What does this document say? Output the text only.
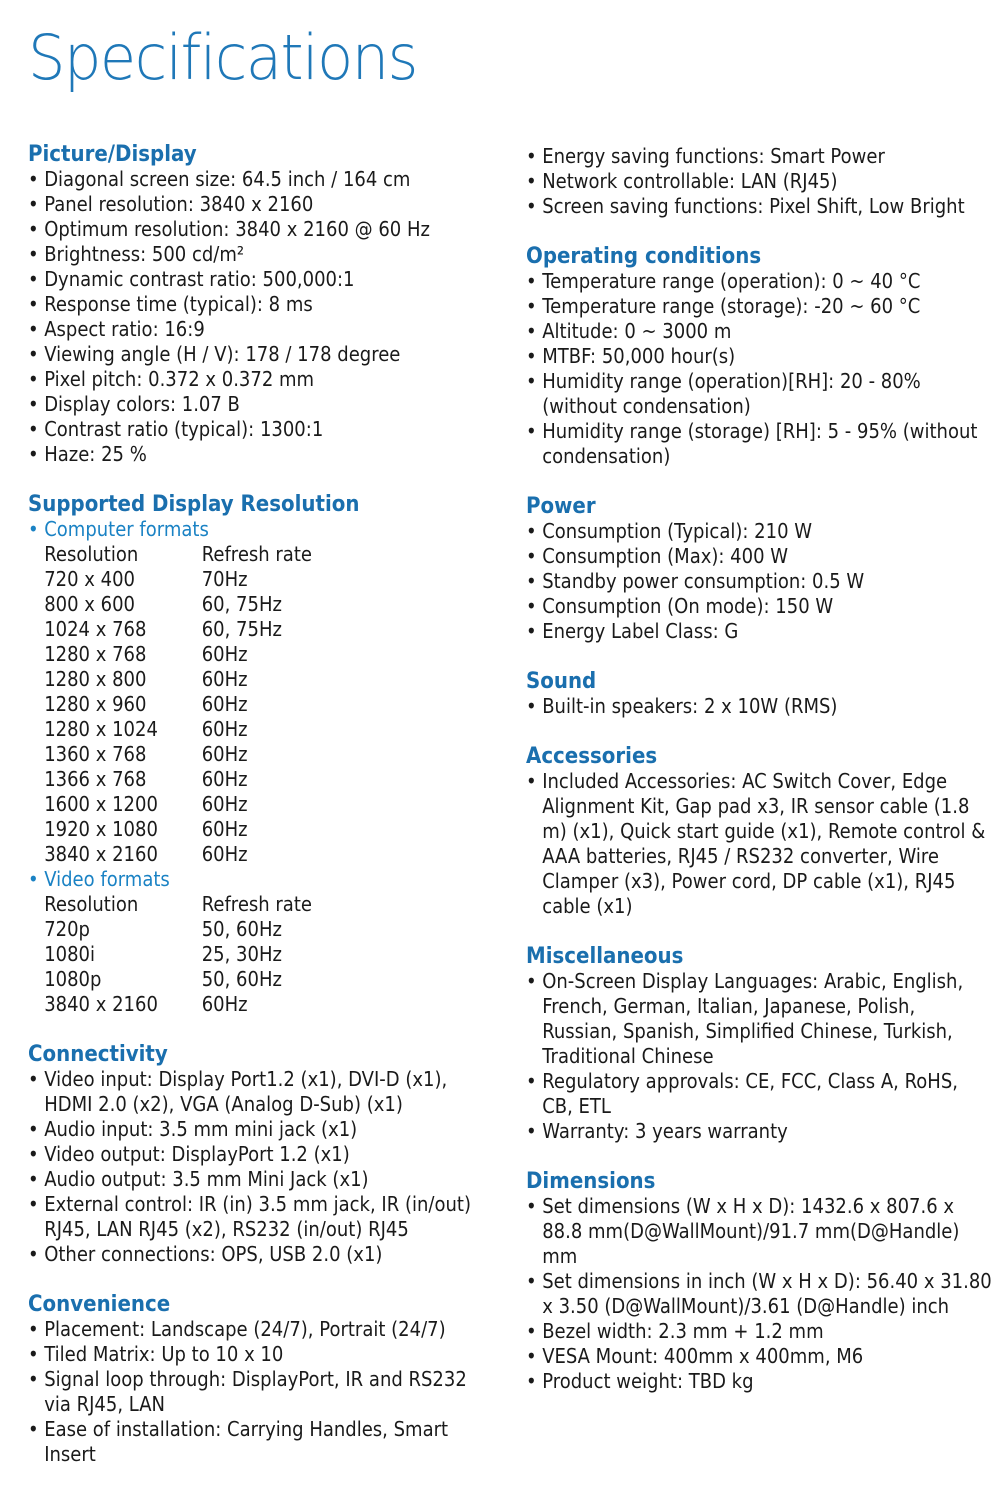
Specifications
Picture/Display
• Diagonal screen size: 64.5 inch / 164 cm
• Panel resolution: 3840 x 2160
• Optimum resolution: 3840 x 2160 @ 60 Hz
• Brightness: 500 cd/m²
• Dynamic contrast ratio: 500,000:1
• Response time (typical): 8 ms
• Aspect ratio: 16:9
• Viewing angle (H / V): 178 / 178 degree
• Pixel pitch: 0.372 x 0.372 mm
• Display colors: 1.07 B
• Contrast ratio (typical): 1300:1
• Haze: 25 %
Supported Display Resolution
• Computer formats
Resolution	Refresh rate
720 x 400	70Hz
800 x 600	60, 75Hz
1024 x 768	60, 75Hz
1280 x 768	60Hz
1280 x 800	60Hz
1280 x 960	60Hz
1280 x 1024	60Hz
1360 x 768	60Hz
1366 x 768	60Hz
1600 x 1200	60Hz
1920 x 1080	60Hz
3840 x 2160	60Hz
• Video formats
Resolution	Refresh rate
720p	50, 60Hz
1080i	25, 30Hz
1080p	50, 60Hz
3840 x 2160	60Hz
Connectivity
• Video input: Display Port1.2 (x1), DVI-D (x1), HDMI 2.0 (x2), VGA (Analog D-Sub) (x1)
• Audio input: 3.5 mm mini jack (x1)
• Video output: DisplayPort 1.2 (x1)
• Audio output: 3.5 mm Mini Jack (x1)
• External control: IR (in) 3.5 mm jack, IR (in/out) RJ45, LAN RJ45 (x2), RS232 (in/out) RJ45
• Other connections: OPS, USB 2.0 (x1)
Convenience
• Placement: Landscape (24/7), Portrait (24/7)
• Tiled Matrix: Up to 10 x 10
• Signal loop through: DisplayPort, IR and RS232 via RJ45, LAN
• Ease of installation: Carrying Handles, Smart Insert
• Energy saving functions: Smart Power
• Network controllable: LAN (RJ45)
• Screen saving functions: Pixel Shift, Low Bright
Operating conditions
• Temperature range (operation): 0 ~ 40 °C
• Temperature range (storage): -20 ~ 60 °C
• Altitude: 0 ~ 3000 m
• MTBF: 50,000 hour(s)
• Humidity range (operation)[RH]: 20 - 80% (without condensation)
• Humidity range (storage) [RH]: 5 - 95% (without condensation)
Power
• Consumption (Typical): 210 W
• Consumption (Max): 400 W
• Standby power consumption: 0.5 W
• Consumption (On mode): 150 W
• Energy Label Class: G
Sound
• Built-in speakers: 2 x 10W (RMS)
Accessories
• Included Accessories: AC Switch Cover, Edge Alignment Kit, Gap pad x3, IR sensor cable (1.8 m) (x1), Quick start guide (x1), Remote control & AAA batteries, RJ45 / RS232 converter, Wire Clamper (x3), Power cord, DP cable (x1), RJ45 cable (x1)
Miscellaneous
• On-Screen Display Languages: Arabic, English, French, German, Italian, Japanese, Polish, Russian, Spanish, Simplified Chinese, Turkish, Traditional Chinese
• Regulatory approvals: CE, FCC, Class A, RoHS, CB, ETL
• Warranty: 3 years warranty
Dimensions
• Set dimensions (W x H x D): 1432.6 x 807.6 x 88.8 mm(D@WallMount)/91.7 mm(D@Handle) mm
• Set dimensions in inch (W x H x D): 56.40 x 31.80 x 3.50 (D@WallMount)/3.61 (D@Handle) inch
• Bezel width: 2.3 mm + 1.2 mm
• VESA Mount: 400mm x 400mm, M6
• Product weight: TBD kg
